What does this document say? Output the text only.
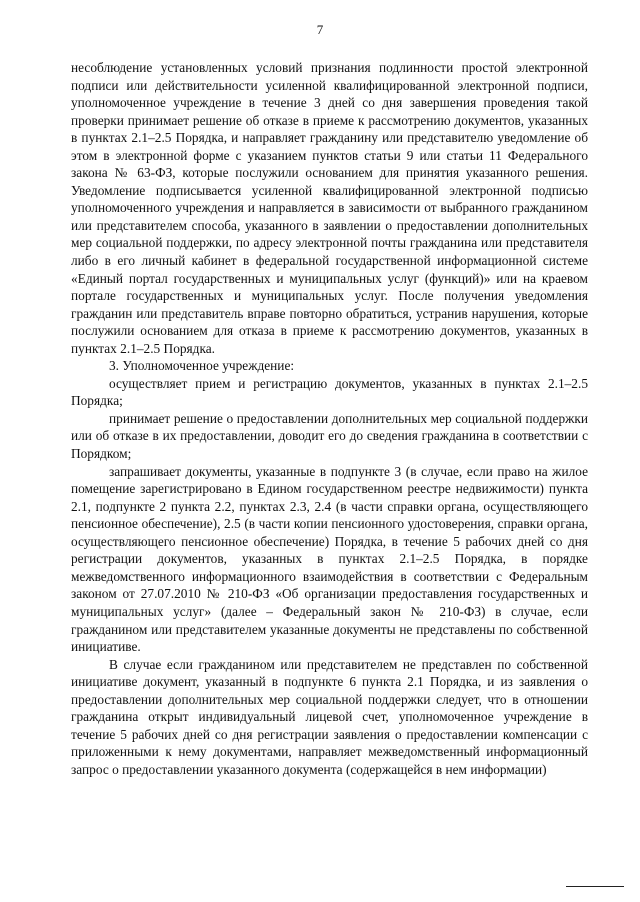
7

несоблюдение установленных условий признания подлинности простой электронной подписи или действительности усиленной квалифицированной электронной подписи, уполномоченное учреждение в течение 3 дней со дня завершения проведения такой проверки принимает решение об отказе в приеме к рассмотрению документов, указанных в пунктах 2.1–2.5 Порядка, и направляет гражданину или представителю уведомление об этом в электронной форме с указанием пунктов статьи 9 или статьи 11 Федерального закона № 63-ФЗ, которые послужили основанием для принятия указанного решения. Уведомление подписывается усиленной квалифицированной электронной подписью уполномоченного учреждения и направляется в зависимости от выбранного гражданином или представителем способа, указанного в заявлении о предоставлении дополнительных мер социальной поддержки, по адресу электронной почты гражданина или представителя либо в его личный кабинет в федеральной государственной информационной системе «Единый портал государственных и муниципальных услуг (функций)» или на краевом портале государственных и муниципальных услуг. После получения уведомления гражданин или представитель вправе повторно обратиться, устранив нарушения, которые послужили основанием для отказа в приеме к рассмотрению документов, указанных в пунктах 2.1–2.5 Порядка.

3. Уполномоченное учреждение:

осуществляет прием и регистрацию документов, указанных в пунктах 2.1–2.5 Порядка;

принимает решение о предоставлении дополнительных мер социальной поддержки или об отказе в их предоставлении, доводит его до сведения гражданина в соответствии с Порядком;

запрашивает документы, указанные в подпункте 3 (в случае, если право на жилое помещение зарегистрировано в Едином государственном реестре недвижимости) пункта 2.1, подпункте 2 пункта 2.2, пунктах 2.3, 2.4 (в части справки органа, осуществляющего пенсионное обеспечение), 2.5 (в части копии пенсионного удостоверения, справки органа, осуществляющего пенсионное обеспечение) Порядка, в течение 5 рабочих дней со дня регистрации документов, указанных в пунктах 2.1–2.5 Порядка, в порядке межведомственного информационного взаимодействия в соответствии с Федеральным законом от 27.07.2010 № 210-ФЗ «Об организации предоставления государственных и муниципальных услуг» (далее – Федеральный закон № 210-ФЗ) в случае, если гражданином или представителем указанные документы не представлены по собственной инициативе.

В случае если гражданином или представителем не представлен по собственной инициативе документ, указанный в подпункте 6 пункта 2.1 Порядка, и из заявления о предоставлении дополнительных мер социальной поддержки следует, что в отношении гражданина открыт индивидуальный лицевой счет, уполномоченное учреждение в течение 5 рабочих дней со дня регистрации заявления о предоставлении компенсации с приложенными к нему документами, направляет межведомственный информационный запрос о предоставлении указанного документа (содержащейся в нем информации)
